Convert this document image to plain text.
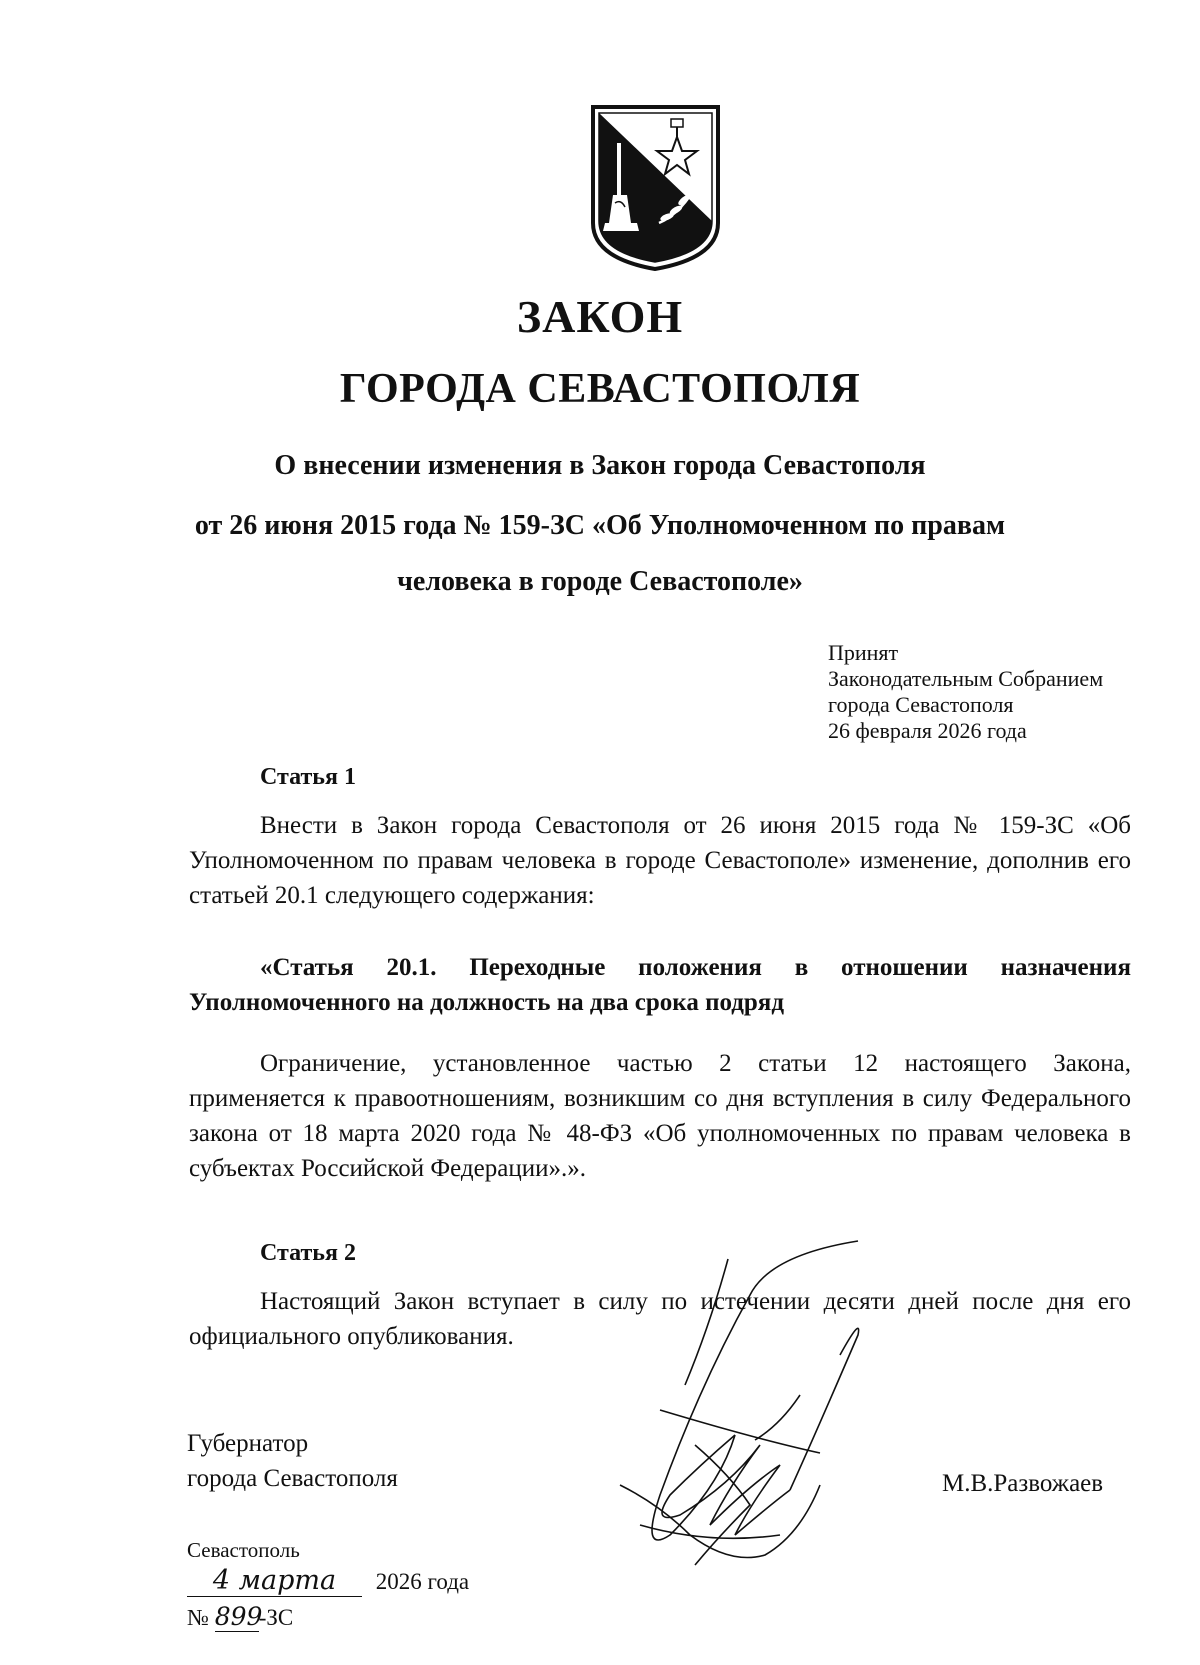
ЗАКОН
ГОРОДА СЕВАСТОПОЛЯ
О внесении изменения в Закон города Севастополя
от 26 июня 2015 года № 159-ЗС «Об Уполномоченном по правам
человека в городе Севастополе»
Принят
Законодательным Собранием
города Севастополя
26 февраля 2026 года
Статья 1
Внести в Закон города Севастополя от 26 июня 2015 года № 159-ЗС «Об Уполномоченном по правам человека в городе Севастополе» изменение, дополнив его статьей 20.1 следующего содержания:
«Статья 20.1. Переходные положения в отношении назначения Уполномоченного на должность на два срока подряд
Ограничение, установленное частью 2 статьи 12 настоящего Закона, применяется к правоотношениям, возникшим со дня вступления в силу Федерального закона от 18 марта 2020 года № 48-ФЗ «Об уполномоченных по правам человека в субъектах Российской Федерации».».
Статья 2
Настоящий Закон вступает в силу по истечении десяти дней после дня его официального опубликования.
Губернатор
города Севастополя	М.В.Развожаев
Севастополь
4 марта 2026 года
№ 899-ЗС
